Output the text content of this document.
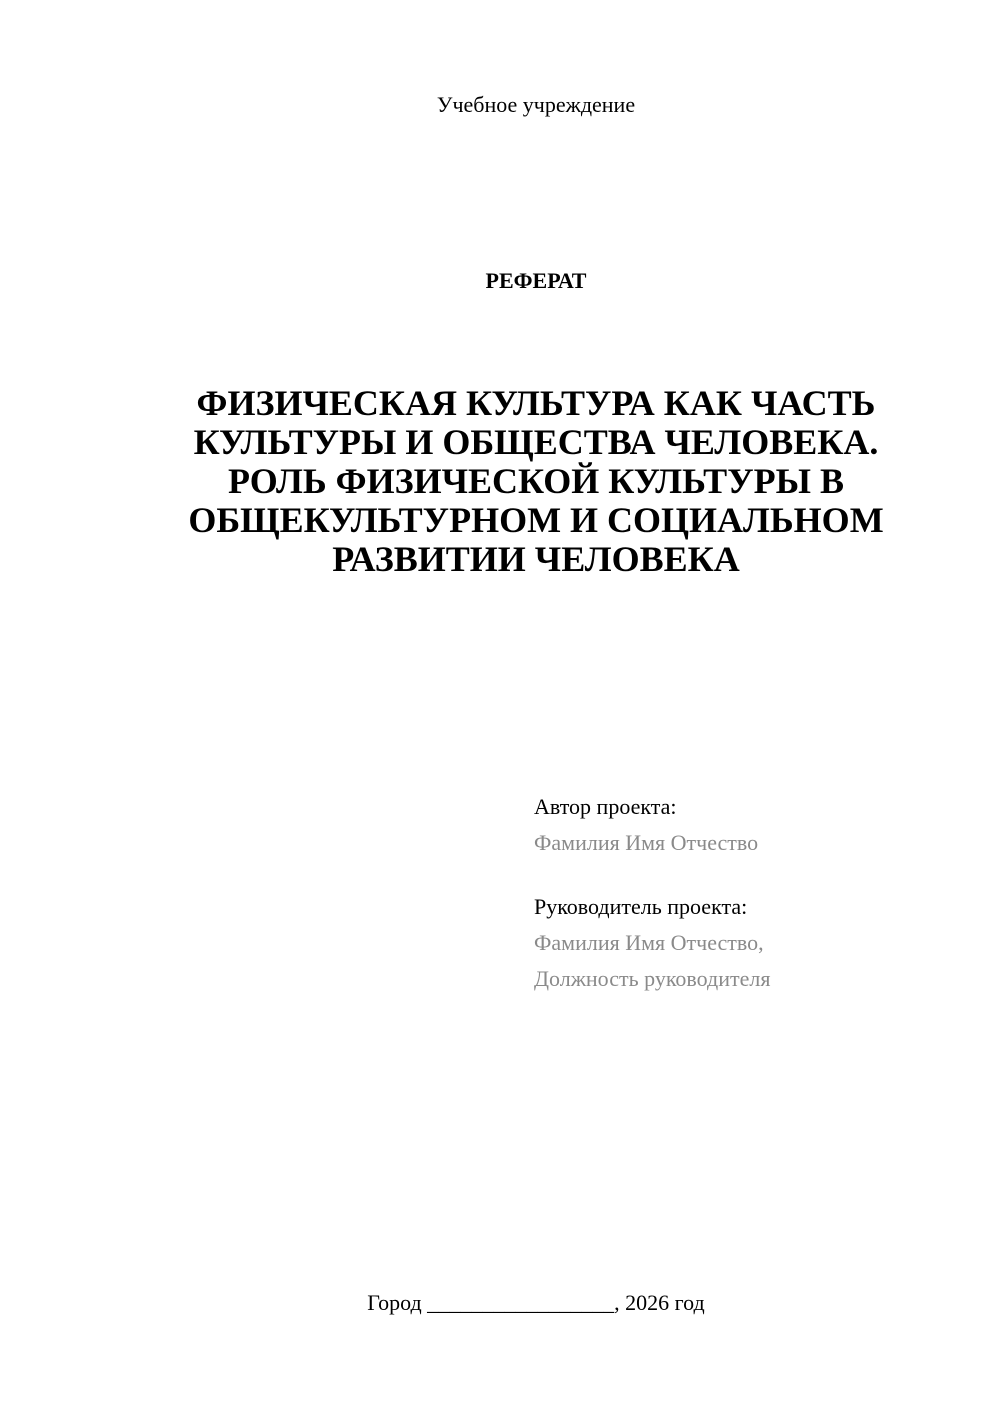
Учебное учреждение
РЕФЕРАТ
ФИЗИЧЕСКАЯ КУЛЬТУРА КАК ЧАСТЬ
КУЛЬТУРЫ И ОБЩЕСТВА ЧЕЛОВЕКА.
РОЛЬ ФИЗИЧЕСКОЙ КУЛЬТУРЫ В
ОБЩЕКУЛЬТУРНОМ И СОЦИАЛЬНОМ
РАЗВИТИИ ЧЕЛОВЕКА
Автор проекта:
Фамилия Имя Отчество
Руководитель проекта:
Фамилия Имя Отчество,
Должность руководителя
Город _________________, 2026 год
